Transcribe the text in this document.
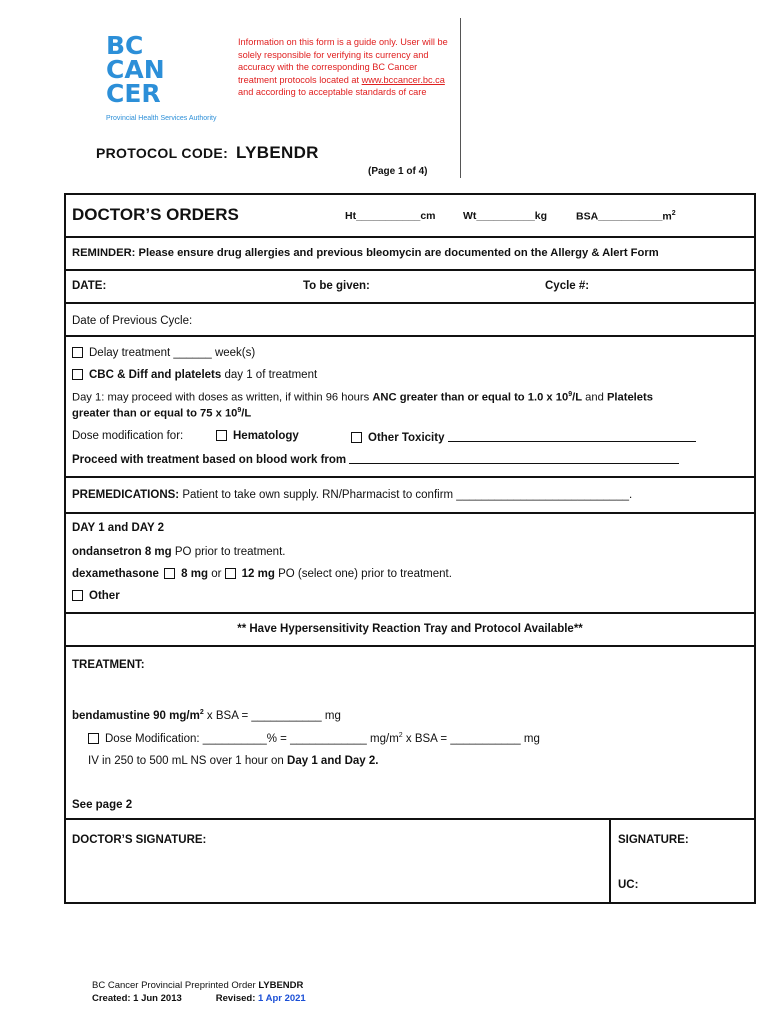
BC
CAN
CER
Provincial Health Services Authority
Information on this form is a guide only. User will be solely responsible for verifying its currency and accuracy with the corresponding BC Cancer treatment protocols located at www.bccancer.bc.ca and according to acceptable standards of care
PROTOCOL CODE: LYBENDR
(Page 1 of 4)
DOCTOR’S ORDERS	Ht___________cm	Wt__________kg	$BSA\_\_\_\_\_\_\_\_\_\_\_m^2$
REMINDER: Please ensure drug allergies and previous bleomycin are documented on the Allergy & Alert Form
DATE:	To be given:	Cycle #:
Date of Previous Cycle:
Delay treatment ______ week(s)
CBC & Diff and platelets day 1 of treatment
Day 1: may proceed with doses as written, if within 96 hours ANC greater than or equal to 1.0 x $10^9/L$ and Platelets
greater than or equal to 75 x $10^9/L$
Dose modification for:	Hematology	Other Toxicity
Proceed with treatment based on blood work from
PREMEDICATIONS: Patient to take own supply. RN/Pharmacist to confirm ___________________________.
DAY 1 and DAY 2
ondansetron 8 mg PO prior to treatment.
dexamethasone 8 mg or 12 mg PO (select one) prior to treatment.
Other
** Have Hypersensitivity Reaction Tray and Protocol Available**
TREATMENT:
bendamustine 90 $mg/m^2$ x BSA = ___________ mg
Dose Modification: __________% = ____________ $mg/m^2$ x BSA = ___________ mg
IV in 250 to 500 mL NS over 1 hour on Day 1 and Day 2.
See page 2
DOCTOR’S SIGNATURE:	SIGNATURE:
UC:
BC Cancer Provincial Preprinted Order LYBENDR
Created: 1 Jun 2013	Revised: 1 Apr 2021
